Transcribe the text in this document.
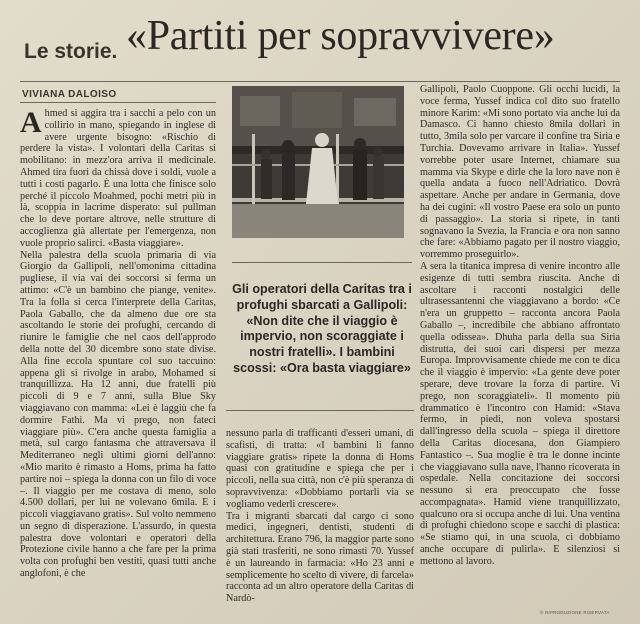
Le storie. «Partiti per sopravvivere»
VIVIANA DALOISO
A hmed si aggira tra i sacchi a pelo con un collirio in mano, spiegando in inglese di avere urgente bisogno: «Rischio di perdere la vista». I volontari della Caritas si mobilitano: in mezz'ora arriva il medicinale. Ahmed tira fuori da chissà dove i soldi, vuole a tutti i costi pagarlo. È una lotta che finisce solo perché il piccolo Moahmed, pochi metri più in là, scoppia in lacrime disperato: sul pullman che lo deve portare altrove, nelle strutture di accoglienza già allertate per l'emergenza, non vuole proprio salirci. «Basta viaggiare».

Nella palestra della scuola primaria di via Giorgio da Gallipoli, nell'omonima cittadina pugliese, il via vai dei soccorsi si ferma un attimo: «C'è un bambino che piange, venite». Tra la folla si cerca l'interprete della Caritas, Paola Gaballo, che da almeno due ore sta ascoltando le storie dei profughi, cercando di riunire le famiglie che nel caos dell'approdo della notte del 30 dicembre sono state divise. Alla fine eccola spuntare col suo taccuino: appena gli si rivolge in arabo, Mohamed si tranquillizza. Ha 12 anni, due fratelli più piccoli di 9 e 7 anni, sulla Blue Sky viaggiavano con mamma: «Lei è laggiù che fa dormire Fathi. Ma vi prego, non fateci viaggiare più». C'era anche questa famiglia a metà, sul cargo fantasma che attraversava il Mediterraneo negli ultimi giorni dell'anno: «Mio marito è rimasto a Homs, prima ha fatto partire noi – spiega la donna con un filo di voce –. Il viaggio per me costava di meno, solo 4.500 dollari, per lui ne volevano 6mila. E i piccoli viaggiavano gratis». Sul volto nemmeno un segno di disperazione. L'assurdo, in questa palestra dove volontari e operatori della Protezione civile hanno a che fare per la prima volta con profughi ben vestiti, quasi tutti anche anglofoni, è che

Gli operatori della Caritas tra i profughi sbarcati a Gallipoli: «Non dite che il viaggio è impervio, non scoraggiate i nostri fratelli». I bambini scossi: «Ora basta viaggiare»

nessuno parla di trafficanti d'esseri umani, di scafisti, di tratta: «I bambini li fanno viaggiare gratis» ripete la donna di Homs quasi con gratitudine e spiega che per i piccoli, nella sua città, non c'è più speranza di sopravvivenza: «Dobbiamo portarli via se vogliamo vederli crescere».

Tra i migranti sbarcati dal cargo ci sono medici, ingegneri, dentisti, studenti di architettura. Erano 796, la maggior parte sono già stati trasferiti, ne sono rimasti 70. Yussef è un laureando in farmacia: «Ho 23 anni e semplicemente ho scelto di vivere, di farcela» racconta ad un altro operatore della Caritas di Nardò-

Gallipoli, Paolo Cuoppone. Gli occhi lucidi, la voce ferma, Yussef indica col dito suo fratello minore Karim: «Mi sono portato via anche lui da Damasco. Ci hanno chiesto 8mila dollari in tutto, 3mila solo per varcare il confine tra Siria e Turchia. Dovevamo arrivare in Italia». Yussef vorrebbe poter usare Internet, chiamare sua mamma via Skype e dirle che la loro nave non è quella andata a fuoco nell'Adriatico. Dovrà aspettare. Anche per andare in Germania, dove ha dei cugini: «Il vostro Paese era solo un punto di passaggio». La storia si ripete, in tanti sognavano la Svezia, la Francia e ora non sanno che fare: «Abbiamo pagato per il nostro viaggio, vorremmo proseguirlo».

A sera la titanica impresa di venire incontro alle esigenze di tutti sembra riuscita. Anche di ascoltare i racconti nostalgici delle ultrasessantenni che viaggiavano a bordo: «Ce n'era un gruppetto – racconta ancora Paola Gaballo –, incredibile che abbiano affrontato quella odissea». Dhuha parla della sua Siria distrutta, dei suoi cari dispersi per mezza Europa. Improvvisamente chiede me con te dica che il viaggio è impervio: «La gente deve poter sperare, deve trovare la forza di partire. Vi prego, non scoraggiateli». Il momento più drammatico è l'incontro con Hamid: «Stava fermo, in piedi, non voleva spostarsi dall'ingresso della scuola – spiega il direttore della Caritas diocesana, don Giampiero Fantastico –. Sua moglie è tra le donne incinte che viaggiavano sulla nave, l'hanno ricoverata in ospedale. Nella concitazione dei soccorsi nessuno si era preoccupato che fosse accompagnata». Hamid viene tranquillizzato, qualcuno ora si occupa anche di lui. Una ventina di profughi chiedono scope e sacchi di plastica: «Se stiamo qui, in una scuola, ci dobbiamo anche occupare di pulirla». E silenziosi si mettono al lavoro.

© RIPRODUZIONE RISERVATA
